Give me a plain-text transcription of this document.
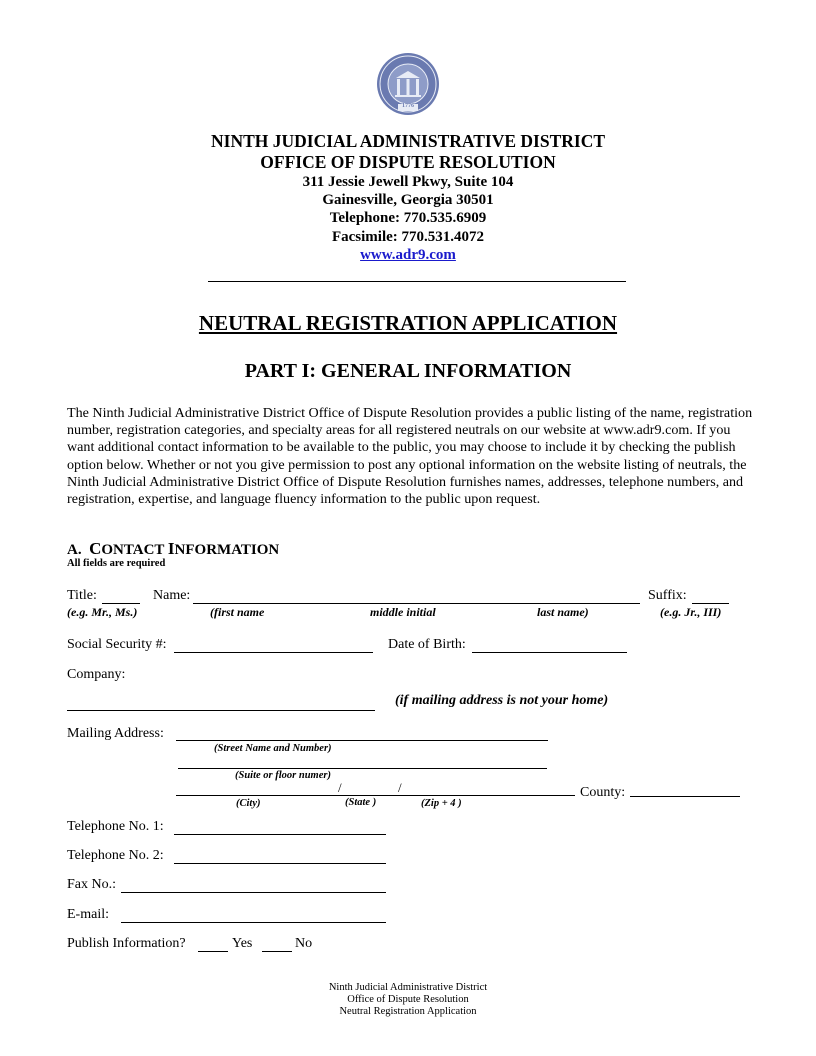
1776
NINTH JUDICIAL ADMINISTRATIVE DISTRICT
OFFICE OF DISPUTE RESOLUTION
311 Jessie Jewell Pkwy, Suite 104
Gainesville, Georgia 30501
Telephone: 770.535.6909
Facsimile: 770.531.4072
www.adr9.com
NEUTRAL REGISTRATION APPLICATION
PART I: GENERAL INFORMATION

The Ninth Judicial Administrative District Office of Dispute Resolution provides a public listing of the name, registration number, registration categories, and specialty areas for all registered neutrals on our website at www.adr9.com. If you want additional contact information to be available to the public, you may choose to include it by checking the publish option below. Whether or not you give permission to post any optional information on the website listing of neutrals, the Ninth Judicial Administrative District Office of Dispute Resolution furnishes names, addresses, telephone numbers, and registration, expertise, and language fluency information to the public upon request.

A. CONTACT INFORMATION
All fields are required
Title:	Name:	Suffix:
(e.g. Mr., Ms.)	(first name	middle initial	last name)	(e.g. Jr., III)
Social Security #:	Date of Birth:
Company:
(if mailing address is not your home)
Mailing Address:
(Street Name and Number)
(Suite or floor numer)
/	/	County:
(City)	(State )	(Zip + 4 )
Telephone No. 1:
Telephone No. 2:
Fax No.:
E-mail:
Publish Information?	Yes	No
Ninth Judicial Administrative District
Office of Dispute Resolution
Neutral Registration Application
